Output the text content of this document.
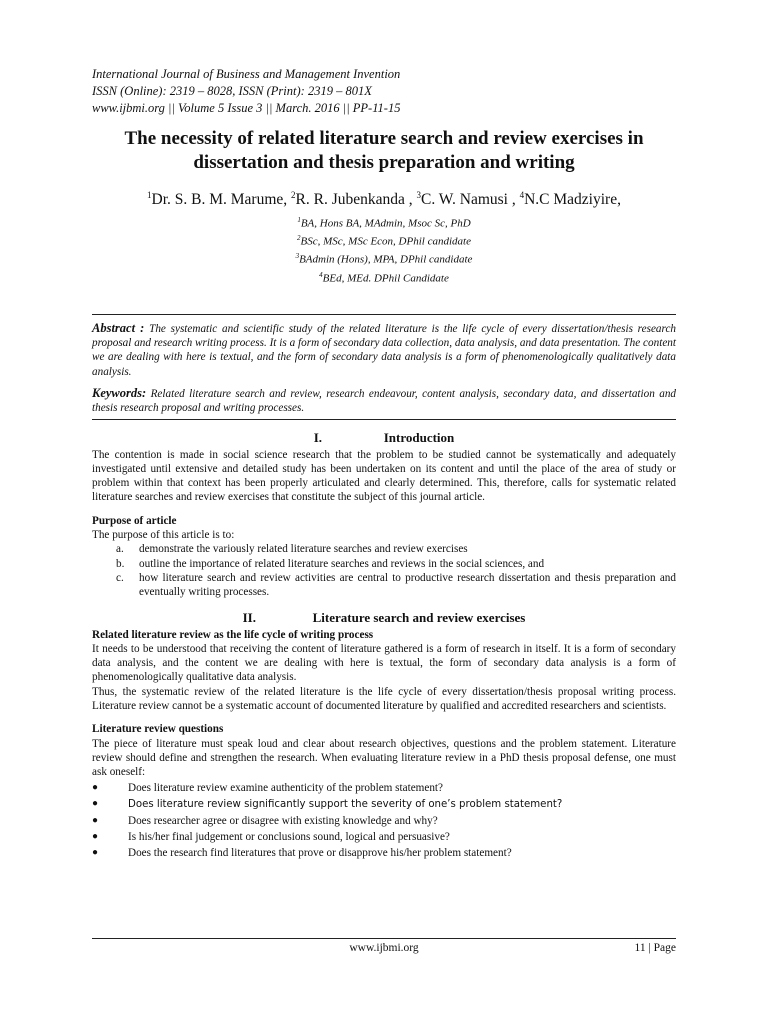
International Journal of Business and Management Invention
ISSN (Online): 2319 – 8028, ISSN (Print): 2319 – 801X
www.ijbmi.org || Volume 5 Issue 3 || March. 2016 || PP-11-15
The necessity of related literature search and review exercises in dissertation and thesis preparation and writing
$^1$Dr. S. B. M. Marume, $^2$R. R. Jubenkanda , $^3$C. W. Namusi , $^4$N.C Madziyire,
$^1$BA, Hons BA, MAdmin, Msoc Sc, PhD
$^2$BSc, MSc, MSc Econ, DPhil candidate
$^3$BAdmin (Hons), MPA, DPhil candidate
$^4$BEd, MEd. DPhil Candidate
Abstract : The systematic and scientific study of the related literature is the life cycle of every dissertation/thesis research proposal and research writing process. It is a form of secondary data collection, data analysis, and data presentation. The content we are dealing with here is textual, and the form of secondary data analysis is a form of phenomenologically qualitatively data analysis.
Keywords: Related literature search and review, research endeavour, content analysis, secondary data, and dissertation and thesis research proposal and writing processes.
I.	Introduction

The contention is made in social science research that the problem to be studied cannot be systematically and adequately investigated until extensive and detailed study has been undertaken on its content and until the place of the area of study or problem within that context has been properly articulated and clearly determined. This, therefore, calls for systematic related literature searches and review exercises that constitute the subject of this journal article.

Purpose of article

The purpose of this article is to:

a. demonstrate the variously related literature searches and review exercises
b. outline the importance of related literature searches and reviews in the social sciences, and
c. how literature search and review activities are central to productive research dissertation and thesis preparation and eventually writing processes.
II.	Literature search and review exercises
Related literature review as the life cycle of writing process

It needs to be understood that receiving the content of literature gathered is a form of research in itself. It is a form of secondary data analysis, and the content we are dealing with here is textual, the form of secondary data analysis is a form of phenomenologically qualitative data analysis.

Thus, the systematic review of the related literature is the life cycle of every dissertation/thesis proposal writing process. Literature review cannot be a systematic account of documented literature by qualified and accredited researchers and scientists.

Literature review questions

The piece of literature must speak loud and clear about research objectives, questions and the problem statement. Literature review should define and strengthen the research. When evaluating literature review in a PhD thesis proposal defense, one must ask oneself:

●	Does literature review examine authenticity of the problem statement?
●	Does literature review significantly support the severity of one’s problem statement?
●	Does researcher agree or disagree with existing knowledge and why?
●	Is his/her final judgement or conclusions sound, logical and persuasive?
●	Does the research find literatures that prove or disapprove his/her problem statement?
www.ijbmi.org	11 | Page
